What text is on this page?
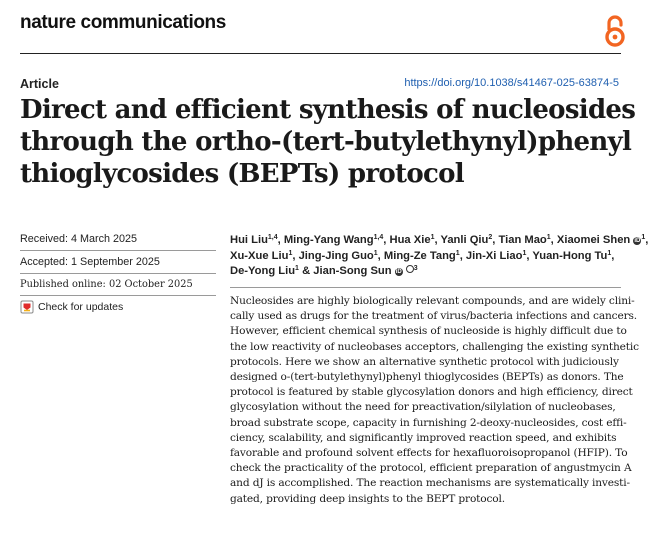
nature communications
Article	https://doi.org/10.1038/s41467-025-63874-5
Direct and efficient synthesis of nucleosides
through the ortho-(tert-butylethynyl)phenyl
thioglycosides (BEPTs) protocol
Received: 4 March 2025
Accepted: 1 September 2025
Published online: 02 October 2025
Check for updates

Hui Liu$^{1,4}$, Ming-Yang Wang$^{1,4}$, Hua Xie$^1$, Yanli Qiu$^2$, Tian Mao$^1$, Xiaomei Shen $iD^1$

Xu-Xue Liu$^1$, Jing-Jing Guo$^1$, Ming-Ze Tang$^1$, Jin-Xi Liao$^1$, Yuan-Hong Tu$^1$,

De-Yong Liu$^1$ & Jian-Song Sun iD $^3$

Nucleosides are highly biologically relevant compounds, and are widely clini-
cally used as drugs for the treatment of virus/bacteria infections and cancers.
However, efficient chemical synthesis of nucleoside is highly difficult due to
the low reactivity of nucleobases acceptors, challenging the existing synthetic
protocols. Here we show an alternative synthetic protocol with judiciously
designed o-(tert-butylethynyl)phenyl thioglycosides (BEPTs) as donors. The
protocol is featured by stable glycosylation donors and high efficiency, direct
glycosylation without the need for preactivation/silylation of nucleobases,
broad substrate scope, capacity in furnishing 2-deoxy-nucleosides, cost effi-
ciency, scalability, and significantly improved reaction speed, and exhibits
favorable and profound solvent effects for hexafluoroisopropanol (HFIP). To
check the practicality of the protocol, efficient preparation of angustmycin A
and dJ is accomplished. The reaction mechanisms are systematically investi-
gated, providing deep insights to the BEPT protocol.
